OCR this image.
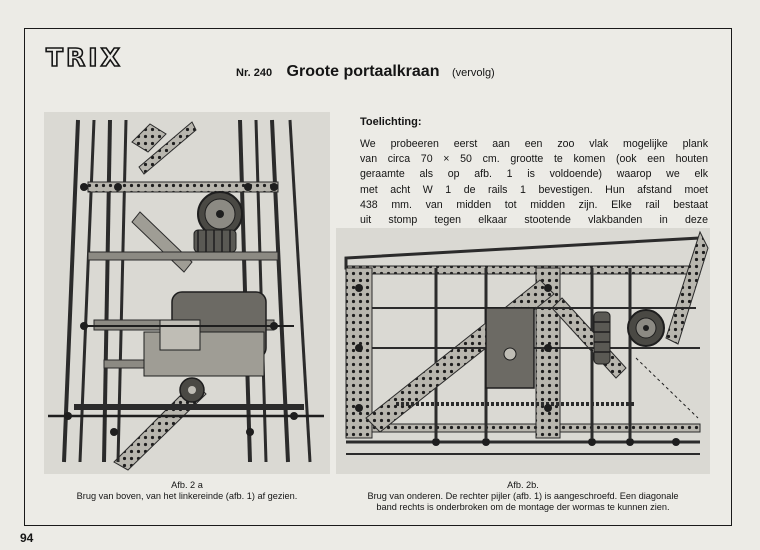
TRIX
Nr. 240 Groote portaalkraan (vervolg)
Toelichting:
We probeeren eerst aan een zoo vlak mogelijke plank
van circa 70 × 50 cm. grootte te komen (ook een houten
geraamte als op afb. 1 is voldoende) waarop we elk
met acht W 1 de rails 1 bevestigen. Hun afstand moet
438 mm. van midden tot midden zijn. Elke rail bestaat
uit stomp tegen elkaar stootende vlakbanden in deze
Afb. 2 a
Brug van boven, van het linkereinde (afb. 1) af gezien.
Afb. 2b.
Brug van onderen. De rechter pijler (afb. 1) is aangeschroefd. Een diagonale
band rechts is onderbroken om de montage der wormas te kunnen zien.
94
